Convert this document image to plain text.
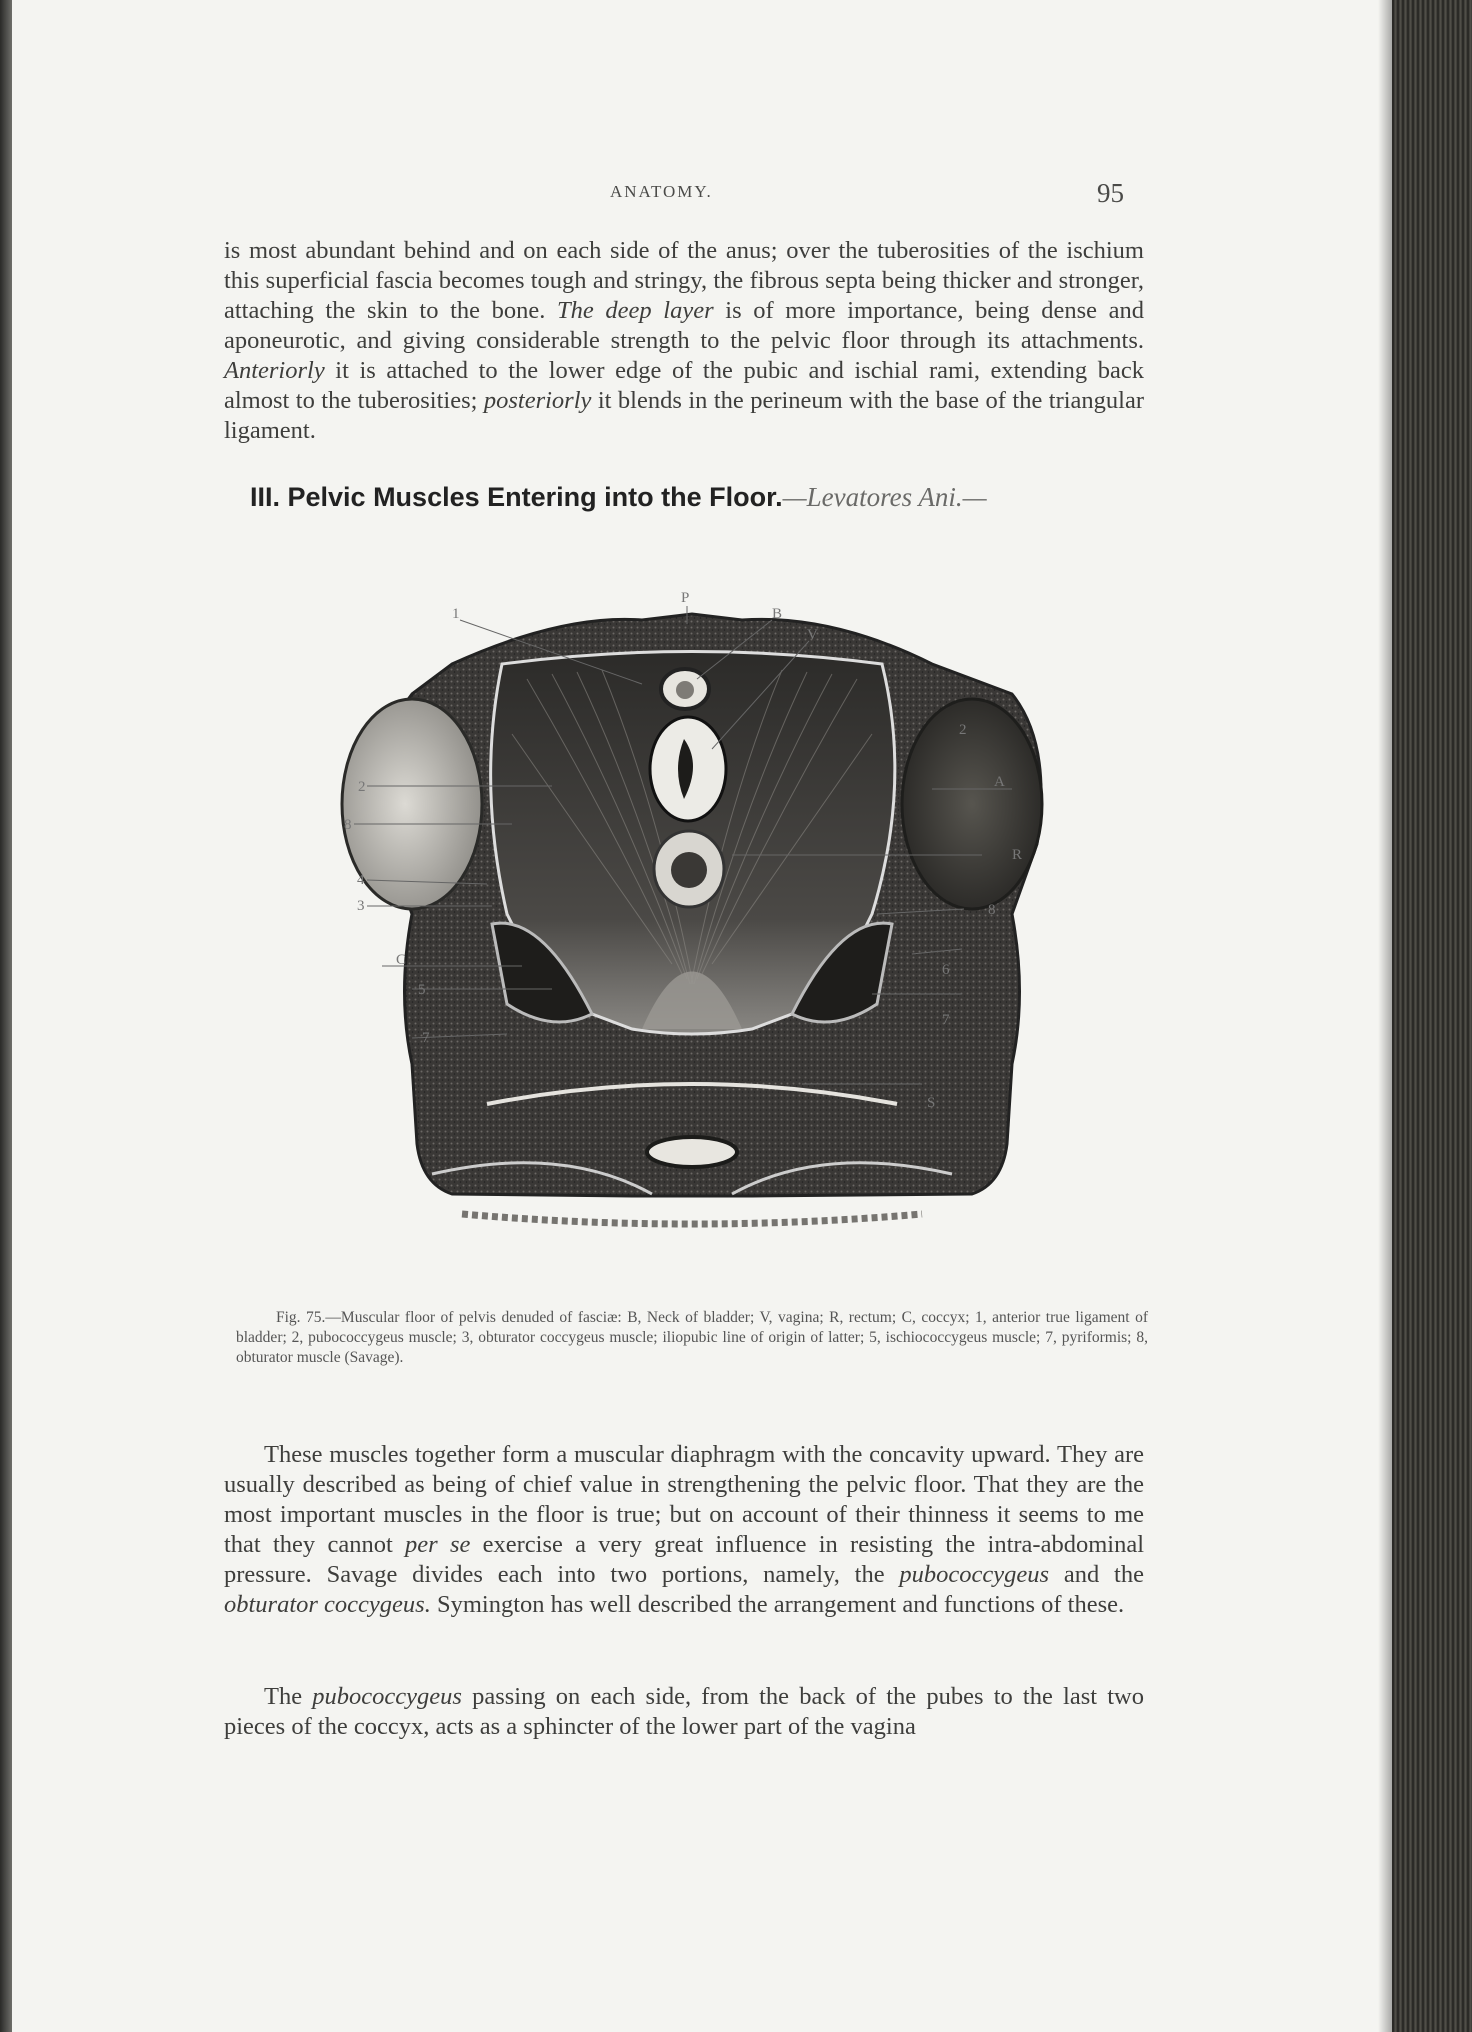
ANATOMY.	95
is most abundant behind and on each side of the anus; over the tuberosities of the ischium this superficial fascia becomes tough and stringy, the fibrous septa being thicker and stronger, attaching the skin to the bone. The deep layer is of more importance, being dense and aponeurotic, and giving considerable strength to the pelvic floor through its attachments. Anteriorly it is attached to the lower edge of the pubic and ischial rami, extending back almost to the tuberosities; posteriorly it blends in the perineum with the base of the triangular ligament.
III. Pelvic Muscles Entering into the Floor.—Levatores Ani.—
1
P
B
V
2
8
2
A
R
4
3	8
C
6
5
7
7
S
Fig. 75.—Muscular floor of pelvis denuded of fasciæ: B, Neck of bladder; V, vagina; R, rectum; C, coccyx; 1, anterior true ligament of bladder; 2, pubococcygeus muscle; 3, obturator coccygeus muscle; iliopubic line of origin of latter; 5, ischiococcygeus muscle; 7, pyriformis; 8, obturator muscle (Savage).
These muscles together form a muscular diaphragm with the concavity upward. They are usually described as being of chief value in strengthening the pelvic floor. That they are the most important muscles in the floor is true; but on account of their thinness it seems to me that they cannot per se exercise a very great influence in resisting the intra-abdominal pressure. Savage divides each into two portions, namely, the pubococcygeus and the obturator coccygeus. Symington has well described the arrangement and functions of these.
The pubococcygeus passing on each side, from the back of the pubes to the last two pieces of the coccyx, acts as a sphincter of the lower part of the vagina
